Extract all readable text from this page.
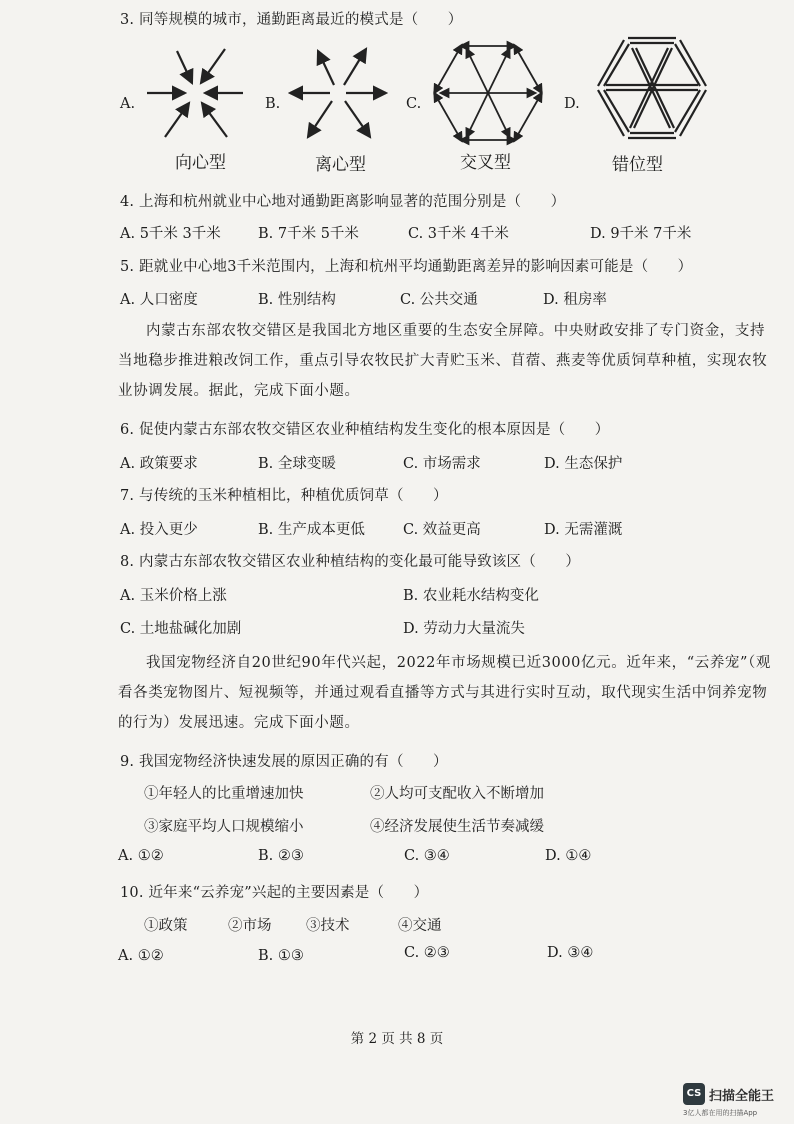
3. 同等规模的城市，通勤距离最近的模式是（　　）
A.
向心型
B.
离心型
C.
交叉型
D.
错位型
4. 上海和杭州就业中心地对通勤距离影响显著的范围分别是（　　）
A. 5千米 3千米	B. 7千米 5千米	C. 3千米 4千米	D. 9千米 7千米
5. 距就业中心地3千米范围内，上海和杭州平均通勤距离差异的影响因素可能是（　　）
A. 人口密度	B. 性别结构	C. 公共交通	D. 租房率
内蒙古东部农牧交错区是我国北方地区重要的生态安全屏障。中央财政安排了专门资金，支持当地稳步推进粮改饲工作，重点引导农牧民扩大青贮玉米、苜蓿、燕麦等优质饲草种植，实现农牧业协调发展。据此，完成下面小题。
6. 促使内蒙古东部农牧交错区农业种植结构发生变化的根本原因是（　　）
A. 政策要求	B. 全球变暖	C. 市场需求	D. 生态保护
7. 与传统的玉米种植相比，种植优质饲草（　　）
A. 投入更少	B. 生产成本更低	C. 效益更高	D. 无需灌溉
8. 内蒙古东部农牧交错区农业种植结构的变化最可能导致该区（　　）
A. 玉米价格上涨	B. 农业耗水结构变化
C. 土地盐碱化加剧	D. 劳动力大量流失
我国宠物经济自20世纪90年代兴起，2022年市场规模已近3000亿元。近年来，“云养宠”（观看各类宠物图片、短视频等，并通过观看直播等方式与其进行实时互动，取代现实生活中饲养宠物的行为）发展迅速。完成下面小题。
9. 我国宠物经济快速发展的原因正确的有（　　）
①年轻人的比重增速加快	②人均可支配收入不断增加
③家庭平均人口规模缩小	④经济发展使生活节奏减缓
A. ①②	B. ②③	C. ③④	D. ①④
10. 近年来“云养宠”兴起的主要因素是（　　）
①政策	②市场 ③技术	④交通
A. ①②	B. ①③	C. ②③	D. ③④
第 2 页 共 8 页
CS 扫描全能王
3亿人都在用的扫描App
